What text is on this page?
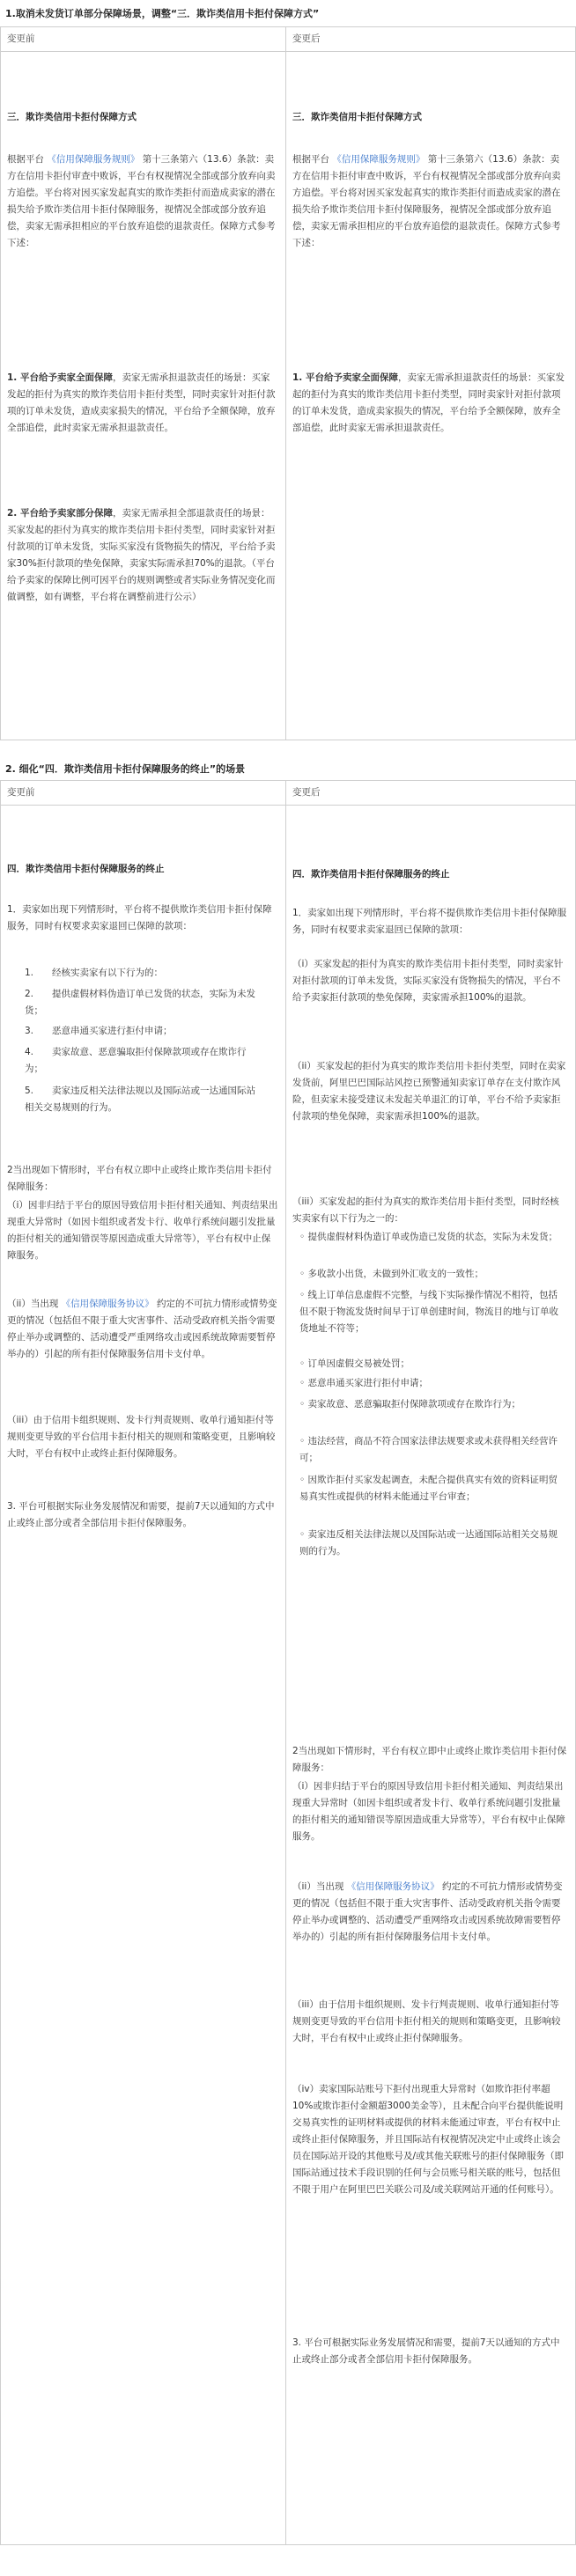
1.取消未发货订单部分保障场景，调整“三．欺诈类信用卡拒付保障方式”
变更前	变更后
三．欺诈类信用卡拒付保障方式
根据平台 《信用保障服务规则》 第十三条第六（13.6）条款：卖方在信用卡拒付审查中败诉，平台有权视情况全部或部分放弃向卖方追偿。平台将对因买家发起真实的欺诈类拒付而造成卖家的潜在损失给予欺诈类信用卡拒付保障服务，视情况全部或部分放弃追偿，卖家无需承担相应的平台放弃追偿的退款责任。保障方式参考下述：
1. 平台给予卖家全面保障，卖家无需承担退款责任的场景：买家发起的拒付为真实的欺诈类信用卡拒付类型，同时卖家针对拒付款项的订单未发货，造成卖家损失的情况，平台给予全额保障，放弃全部追偿，此时卖家无需承担退款责任。
2. 平台给予卖家部分保障，卖家无需承担全部退款责任的场景：买家发起的拒付为真实的欺诈类信用卡拒付类型，同时卖家针对拒付款项的订单未发货，实际买家没有货物损失的情况，平台给予卖家30%拒付款项的垫免保障，卖家实际需承担70%的退款。（平台给予卖家的保障比例可因平台的规则调整或者实际业务情况变化而做调整，如有调整，平台将在调整前进行公示）
三．欺诈类信用卡拒付保障方式
根据平台 《信用保障服务规则》 第十三条第六（13.6）条款：卖方在信用卡拒付审查中败诉，平台有权视情况全部或部分放弃向卖方追偿。平台将对因买家发起真实的欺诈类拒付而造成卖家的潜在损失给予欺诈类信用卡拒付保障服务，视情况全部或部分放弃追偿，卖家无需承担相应的平台放弃追偿的退款责任。保障方式参考下述：
1. 平台给予卖家全面保障，卖家无需承担退款责任的场景：买家发起的拒付为真实的欺诈类信用卡拒付类型，同时卖家针对拒付款项的订单未发货，造成卖家损失的情况，平台给予全额保障，放弃全部追偿，此时卖家无需承担退款责任。
2. 细化“四．欺诈类信用卡拒付保障服务的终止”的场景
变更前	变更后
四．欺诈类信用卡拒付保障服务的终止
1．卖家如出现下列情形时，平台将不提供欺诈类信用卡拒付保障服务，同时有权要求卖家退回已保障的款项：
1.　　经核实卖家有以下行为的：
2.　　提供虚假材料伪造订单已发货的状态，实际为未发货；
3.　　恶意串通买家进行拒付申请；
4.　　卖家故意、恶意骗取拒付保障款项或存在欺诈行为；
5.　　卖家违反相关法律法规以及国际站或一达通国际站相关交易规则的行为。
2当出现如下情形时，平台有权立即中止或终止欺诈类信用卡拒付保障服务：
（i）因非归结于平台的原因导致信用卡拒付相关通知、判责结果出现重大异常时（如因卡组织或者发卡行、收单行系统问题引发批量的拒付相关的通知错误等原因造成重大异常等），平台有权中止保障服务。
（ii）当出现 《信用保障服务协议》 约定的不可抗力情形或情势变更的情况（包括但不限于重大灾害事件、活动受政府机关指令需要停止举办或调整的、活动遭受严重网络攻击或因系统故障需要暂停举办的）引起的所有拒付保障服务信用卡支付单。
（iii）由于信用卡组织规则、发卡行判责规则、收单行通知拒付等规则变更导致的平台信用卡拒付相关的规则和策略变更，且影响较大时，平台有权中止或终止拒付保障服务。
3. 平台可根据实际业务发展情况和需要，提前7天以通知的方式中止或终止部分或者全部信用卡拒付保障服务。
四．欺诈类信用卡拒付保障服务的终止
1．卖家如出现下列情形时，平台将不提供欺诈类信用卡拒付保障服务，同时有权要求卖家退回已保障的款项：
（i）买家发起的拒付为真实的欺诈类信用卡拒付类型，同时卖家针对拒付款项的订单未发货，实际买家没有货物损失的情况，平台不给予卖家拒付款项的垫免保障，卖家需承担100%的退款。
（ii）买家发起的拒付为真实的欺诈类信用卡拒付类型，同时在卖家发货前，阿里巴巴国际站风控已预警通知卖家订单存在支付欺诈风险，但卖家未接受建议未发起关单退汇的订单，平台不给予卖家拒付款项的垫免保障，卖家需承担100%的退款。
（iii）买家发起的拒付为真实的欺诈类信用卡拒付类型，同时经核实卖家有以下行为之一的：
◦ 提供虚假材料伪造订单或伪造已发货的状态，实际为未发货；
◦ 多收款小出货，未做到外汇收支的一致性；
◦ 线上订单信息虚假不完整，与线下实际操作情况不相符，包括但不限于物流发货时间早于订单创建时间，物流目的地与订单收货地址不符等；
◦ 订单因虚假交易被处罚；
◦ 恶意串通买家进行拒付申请；
◦ 卖家故意、恶意骗取拒付保障款项或存在欺诈行为；
◦ 违法经营，商品不符合国家法律法规要求或未获得相关经营许可；
◦ 因欺诈拒付买家发起调查，未配合提供真实有效的资料证明贸易真实性或提供的材料未能通过平台审查；
◦ 卖家违反相关法律法规以及国际站或一达通国际站相关交易规则的行为。
2当出现如下情形时，平台有权立即中止或终止欺诈类信用卡拒付保障服务：
（i）因非归结于平台的原因导致信用卡拒付相关通知、判责结果出现重大异常时（如因卡组织或者发卡行、收单行系统问题引发批量的拒付相关的通知错误等原因造成重大异常等），平台有权中止保障服务。
（ii）当出现 《信用保障服务协议》 约定的不可抗力情形或情势变更的情况（包括但不限于重大灾害事件、活动受政府机关指令需要停止举办或调整的、活动遭受严重网络攻击或因系统故障需要暂停举办的）引起的所有拒付保障服务信用卡支付单。
（iii）由于信用卡组织规则、发卡行判责规则、收单行通知拒付等规则变更导致的平台信用卡拒付相关的规则和策略变更，且影响较大时，平台有权中止或终止拒付保障服务。
（iv）卖家国际站账号下拒付出现重大异常时（如欺诈拒付率超10%或欺诈拒付金额超3000美金等），且未配合向平台提供能说明交易真实性的证明材料或提供的材料未能通过审查，平台有权中止或终止拒付保障服务，并且国际站有权视情况决定中止或终止该会员在国际站开设的其他账号及/或其他关联账号的拒付保障服务（即国际站通过技术手段识别的任何与会员账号相关联的账号，包括但不限于用户在阿里巴巴关联公司及/或关联网站开通的任何账号）。
3. 平台可根据实际业务发展情况和需要，提前7天以通知的方式中止或终止部分或者全部信用卡拒付保障服务。
